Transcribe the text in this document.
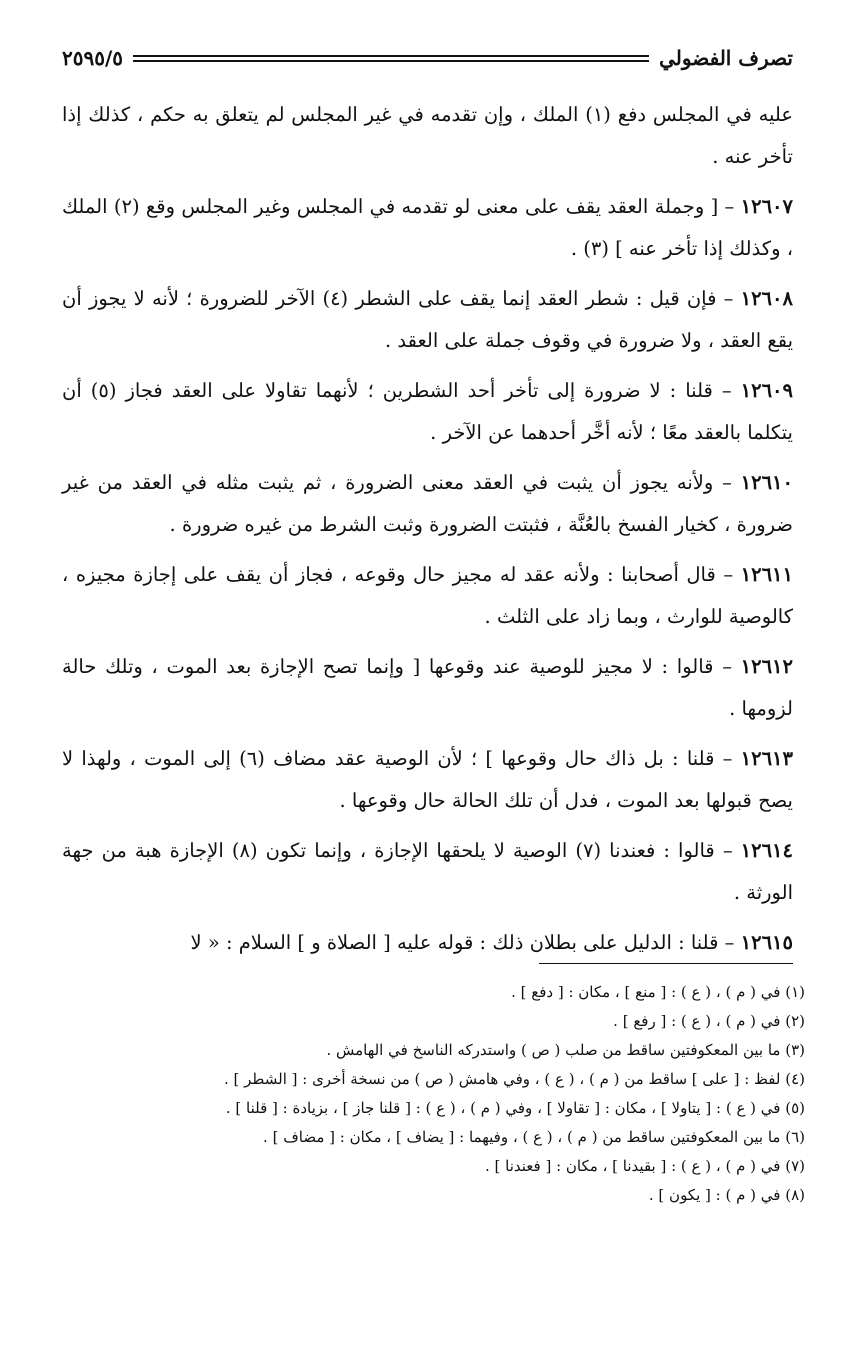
تصرف الفضولي
٢٥٩٥/٥

عليه في المجلس دفع (١) الملك ، وإن تقدمه في غير المجلس لم يتعلق به حكم ، كذلك إذا تأخر عنه .

١٢٦٠٧ – [ وجملة العقد يقف على معنى لو تقدمه في المجلس وغير المجلس وقع (٢) الملك ، وكذلك إذا تأخر عنه ] (٣) .

١٢٦٠٨ – فإن قيل : شطر العقد إنما يقف على الشطر (٤) الآخر للضرورة ؛ لأنه لا يجوز أن يقع العقد ، ولا ضرورة في وقوف جملة على العقد .

١٢٦٠٩ – قلنا : لا ضرورة إلى تأخر أحد الشطرين ؛ لأنهما تقاولا على العقد فجاز (٥) أن يتكلما بالعقد معًا ؛ لأنه أخَّر أحدهما عن الآخر .

١٢٦١٠ – ولأنه يجوز أن يثبت في العقد معنى الضرورة ، ثم يثبت مثله في العقد من غير ضرورة ، كخيار الفسخ بالعُنَّة ، فثبتت الضرورة وثبت الشرط من غيره ضرورة .

١٢٦١١ – قال أصحابنا : ولأنه عقد له مجيز حال وقوعه ، فجاز أن يقف على إجازة مجيزه ، كالوصية للوارث ، وبما زاد على الثلث .

١٢٦١٢ – قالوا : لا مجيز للوصية عند وقوعها [ وإنما تصح الإجازة بعد الموت ، وتلك حالة لزومها .

١٢٦١٣ – قلنا : بل ذاك حال وقوعها ] ؛ لأن الوصية عقد مضاف (٦) إلى الموت ، ولهذا لا يصح قبولها بعد الموت ، فدل أن تلك الحالة حال وقوعها .

١٢٦١٤ – قالوا : فعندنا (٧) الوصية لا يلحقها الإجازة ، وإنما تكون (٨) الإجازة هبة من جهة الورثة .

١٢٦١٥ – قلنا : الدليل على بطلان ذلك : قوله عليه [ الصلاة و ] السلام : « لا

(١) في ( م ) ، ( ع ) : [ منع ] ، مكان : [ دفع ] .

(٢) في ( م ) ، ( ع ) : [ رفع ] .

(٣) ما بين المعكوفتين ساقط من صلب ( ص ) واستدركه الناسخ في الهامش .

(٤) لفظ : [ على ] ساقط من ( م ) ، ( ع ) ، وفي هامش ( ص ) من نسخة أخرى : [ الشطر ] .

(٥) في ( ع ) : [ يتاولا ] ، مكان : [ تقاولا ] ، وفي ( م ) ، ( ع ) : [ قلنا جاز ] ، بزيادة : [ قلنا ] .

(٦) ما بين المعكوفتين ساقط من ( م ) ، ( ع ) ، وفيهما : [ يضاف ] ، مكان : [ مضاف ] .

(٧) في ( م ) ، ( ع ) : [ بقيدنا ] ، مكان : [ فعندنا ] .

(٨) في ( م ) : [ يكون ] .
